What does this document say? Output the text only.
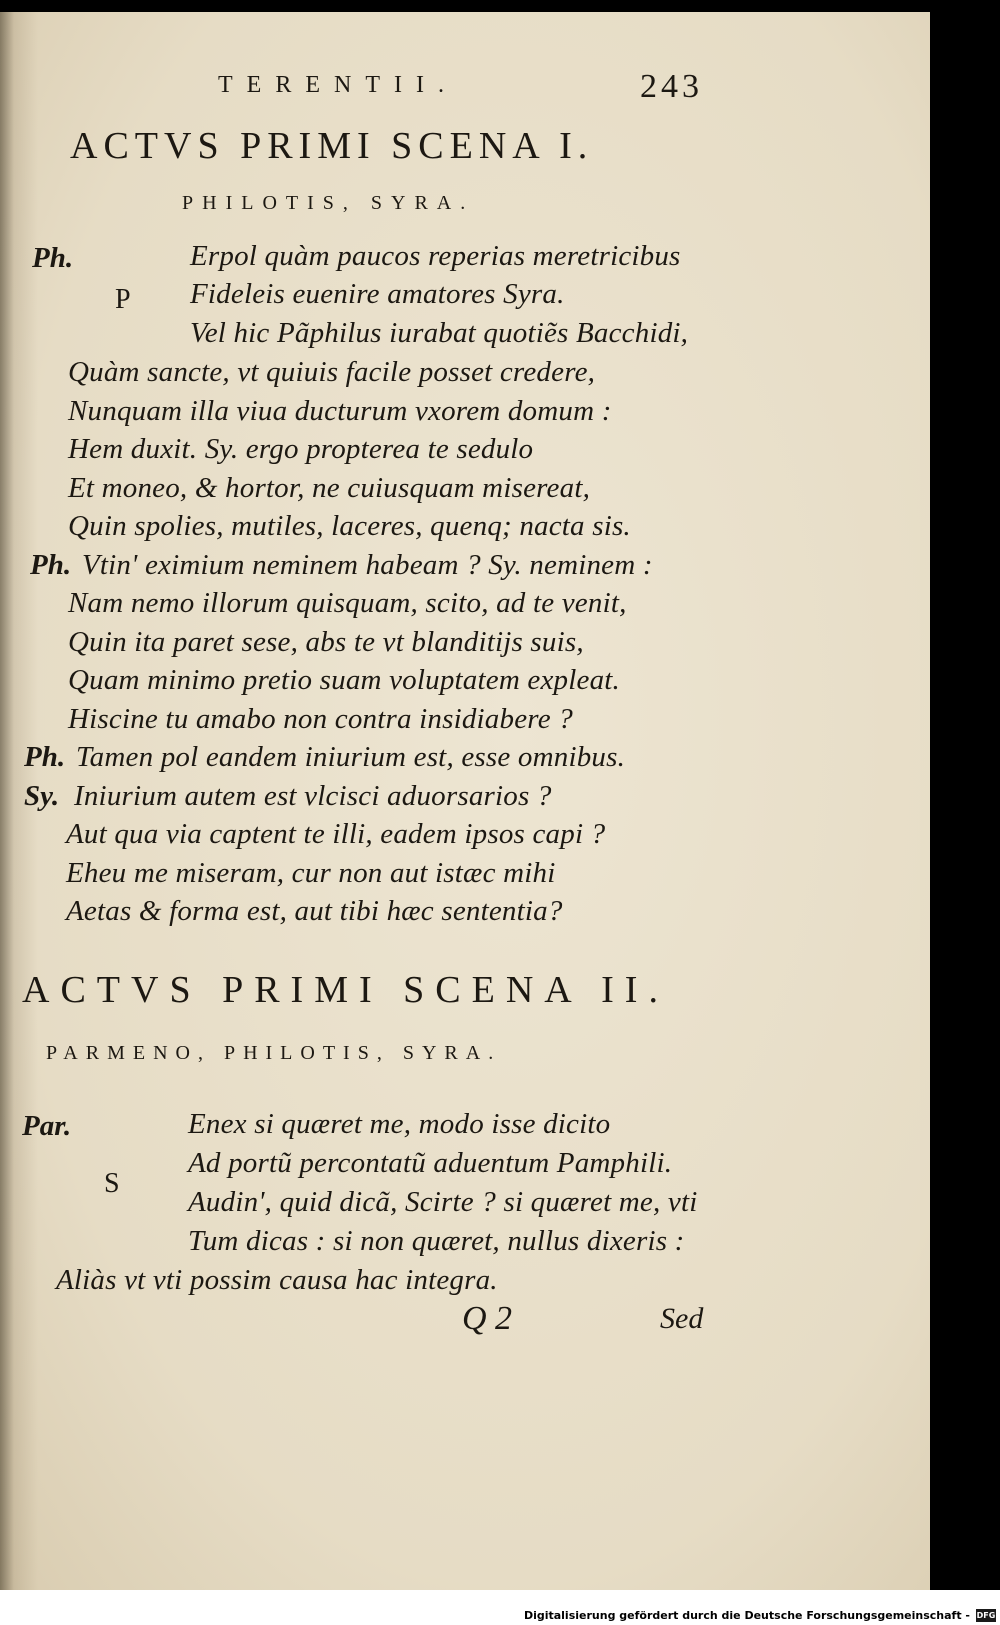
TERENTII.	243
ACTVS PRIMI SCENA I.
PHILOTIS, SYRA.
P
Ph.	Erpol quàm paucos reperias meretricibus
Fideleis euenire amatores Syra.
Vel hic Pãphilus iurabat quotiẽs Bacchidi,
Quàm sancte, vt quiuis facile posset credere,
Nunquam illa viua ducturum vxorem domum :
Hem duxit. Sy. ergo propterea te sedulo
Et moneo, & hortor, ne cuiusquam misereat,
Quin spolies, mutiles, laceres, quenq; nacta sis.
Ph. Vtin' eximium neminem habeam ? Sy. neminem :
Nam nemo illorum quisquam, scito, ad te venit,
Quin ita paret sese, abs te vt blanditijs suis,
Quam minimo pretio suam voluptatem expleat.
Hiscine tu amabo non contra insidiabere ?
Ph. Tamen pol eandem iniurium est, esse omnibus.
Sy. Iniurium autem est vlcisci aduorsarios ?
Aut qua via captent te illi, eadem ipsos capi ?
Eheu me miseram, cur non aut istæc mihi
Aetas & forma est, aut tibi hæc sententia?
ACTVS PRIMI SCENA II.
PARMENO, PHILOTIS, SYRA.
S
Par.	Enex si quæret me, modo isse dicito
Ad portũ percontatũ aduentum Pamphili.
Audin', quid dicã, Scirte ? si quæret me, vti
Tum dicas : si non quæret, nullus dixeris :
Aliàs vt vti possim causa hac integra.
Q 2	Sed
Digitalisierung gefördert durch die Deutsche Forschungsgemeinschaft - DFG
